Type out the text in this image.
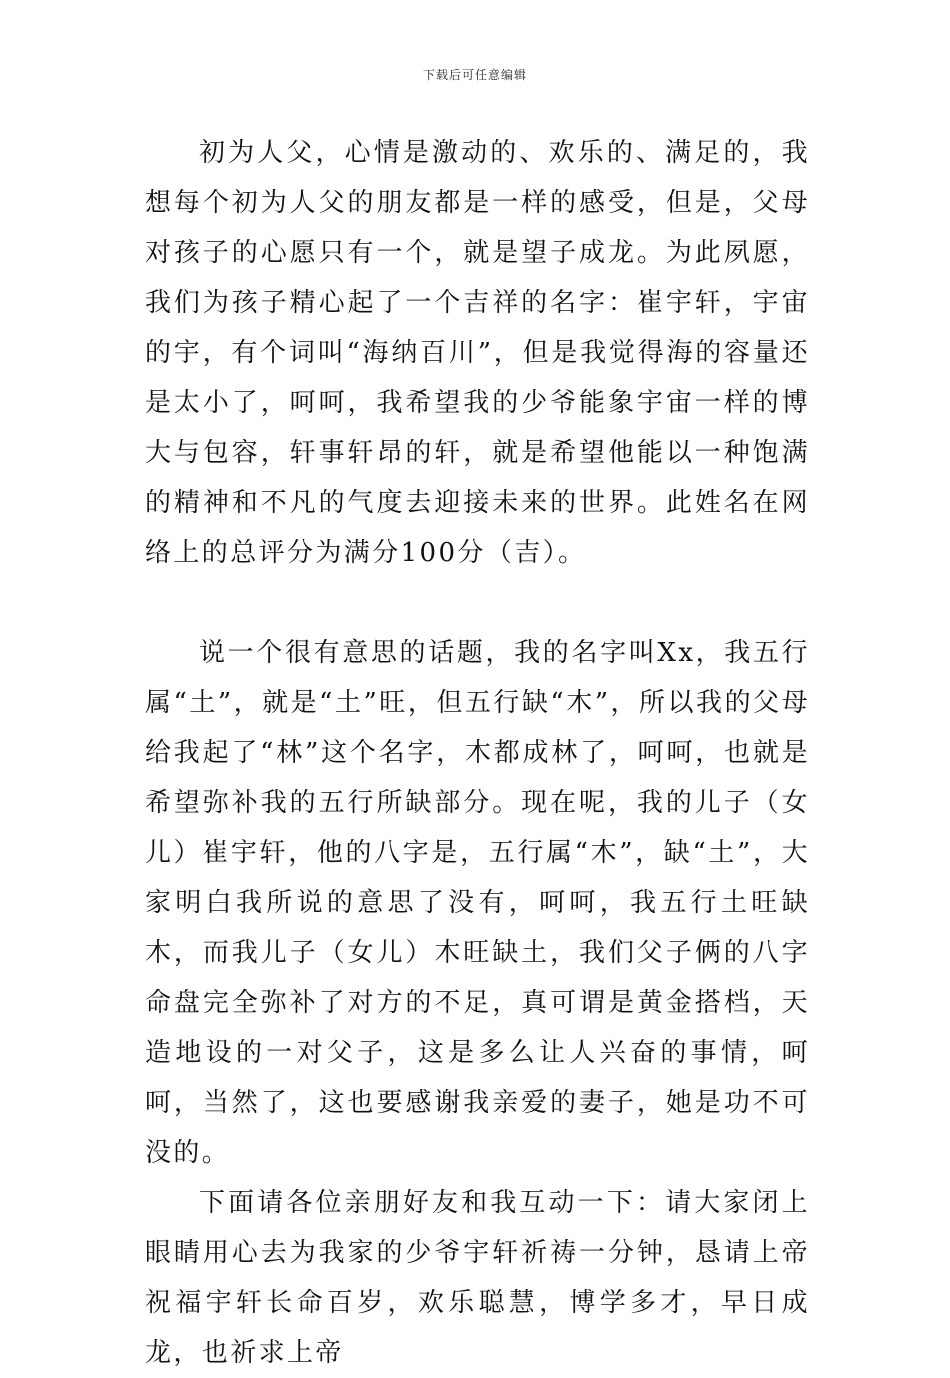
下载后可任意编辑

初为人父，心情是激动的、欢乐的、满足的，我想每个初为人父的朋友都是一样的感受，但是，父母对孩子的心愿只有一个，就是望子成龙。为此夙愿，我们为孩子精心起了一个吉祥的名字：崔宇轩，宇宙的宇，有个词叫“海纳百川”，但是我觉得海的容量还是太小了，呵呵，我希望我的少爷能象宇宙一样的博大与包容，轩事轩昂的轩，就是希望他能以一种饱满的精神和不凡的气度去迎接未来的世界。此姓名在网络上的总评分为满分100分（吉）。

说一个很有意思的话题，我的名字叫Xx，我五行属“土”，就是“土”旺，但五行缺“木”，所以我的父母给我起了“林”这个名字，木都成林了，呵呵，也就是希望弥补我的五行所缺部分。现在呢，我的儿子（女儿）崔宇轩，他的八字是，五行属“木”，缺“土”，大家明白我所说的意思了没有，呵呵，我五行土旺缺木，而我儿子（女儿）木旺缺土，我们父子俩的八字命盘完全弥补了对方的不足，真可谓是黄金搭档，天造地设的一对父子，这是多么让人兴奋的事情，呵呵，当然了，这也要感谢我亲爱的妻子，她是功不可没的。

下面请各位亲朋好友和我互动一下：请大家闭上眼睛用心去为我家的少爷宇轩祈祷一分钟，恳请上帝祝福宇轩长命百岁，欢乐聪慧，博学多才，早日成龙，也祈求上帝
